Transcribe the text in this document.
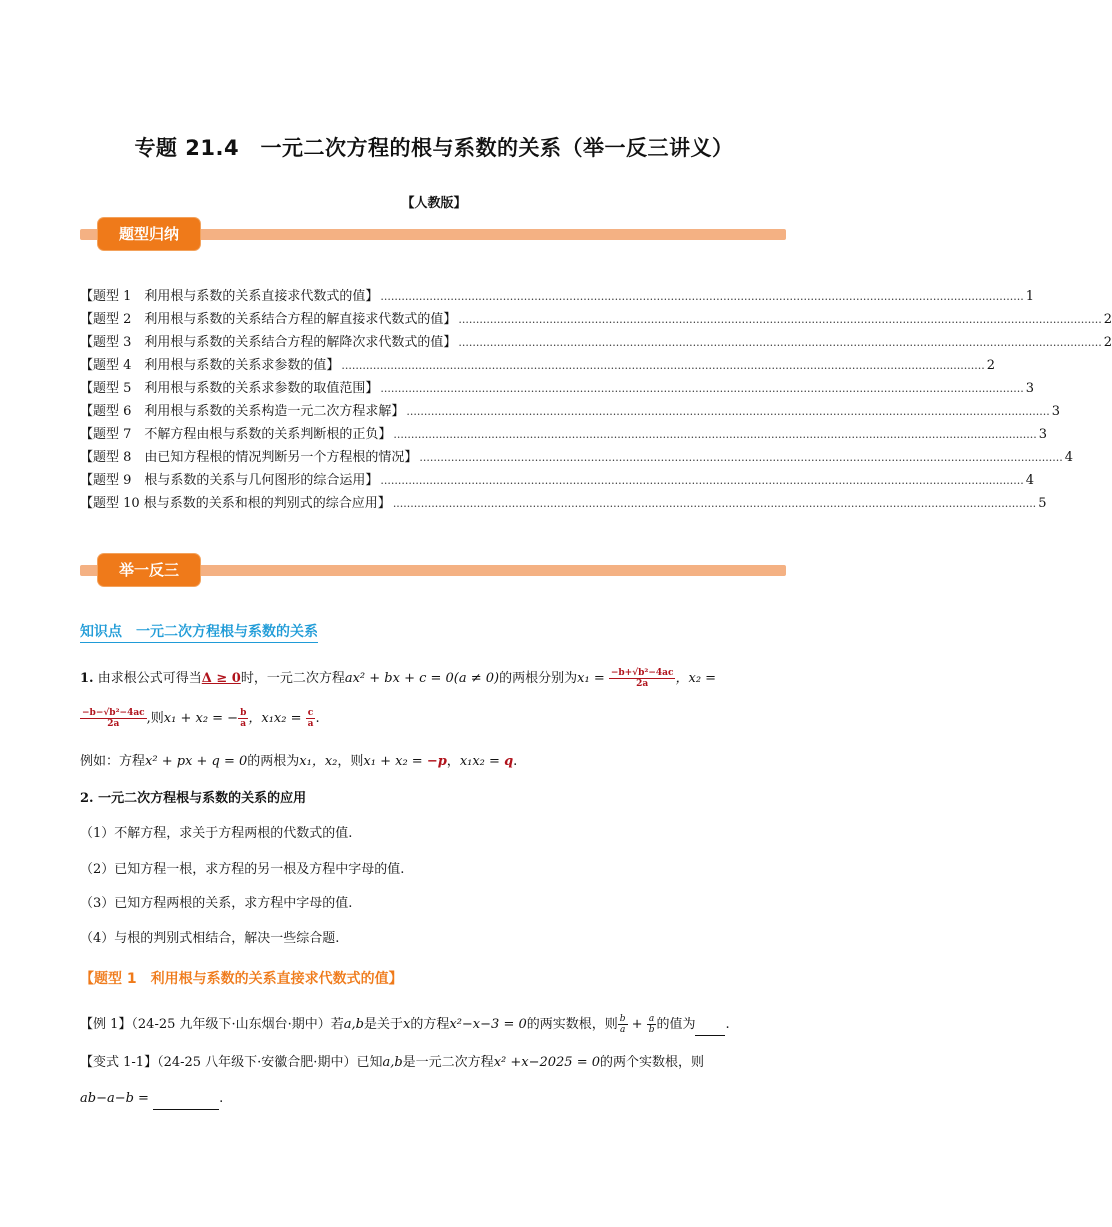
专题 21.4　一元二次方程的根与系数的关系（举一反三讲义）
【人教版】
题型归纳
【题型 1　利用根与系数的关系直接求代数式的值】 ........................................................................................................................................................................................ 1
【题型 2　利用根与系数的关系结合方程的解直接求代数式的值】 ........................................................................................................................................................................................ 2
【题型 3　利用根与系数的关系结合方程的解降次求代数式的值】 ........................................................................................................................................................................................ 2
【题型 4　利用根与系数的关系求参数的值】 ........................................................................................................................................................................................ 2
【题型 5　利用根与系数的关系求参数的取值范围】 ........................................................................................................................................................................................ 3
【题型 6　利用根与系数的关系构造一元二次方程求解】 ........................................................................................................................................................................................ 3
【题型 7　不解方程由根与系数的关系判断根的正负】 ........................................................................................................................................................................................ 3
【题型 8　由已知方程根的情况判断另一个方程根的情况】 ........................................................................................................................................................................................ 4
【题型 9　根与系数的关系与几何图形的综合运用】 ........................................................................................................................................................................................ 4
【题型 10 根与系数的关系和根的判别式的综合应用】 ........................................................................................................................................................................................ 5
举一反三
知识点　一元二次方程根与系数的关系
1. 由求根公式可得当Δ ≥ 0时，一元二次方程ax² + bx + c = 0(a ≠ 0)的两根分别为$x_1 = \frac{\text{−b+√b²−4ac}}{2a}$ ，x₂ =
$\frac{\text{−b−√b²−4ac}}{2a}$ ,则x₁ + x₂ = − $\frac{b}{a}$ ，$x_1x_2 = \frac{c}{a}$ .
例如：方程x² + px + q = 0的两根为x₁，x₂，则x₁ + x₂ = −p，x₁x₂ = q.
2. 一元二次方程根与系数的关系的应用
（1）不解方程，求关于方程两根的代数式的值.
（2）已知方程一根，求方程的另一根及方程中字母的值.
（3）已知方程两根的关系，求方程中字母的值.
（4）与根的判别式相结合，解决一些综合题.
【题型 1　利用根与系数的关系直接求代数式的值】
【例 1】（24-25 九年级下·山东烟台·期中）若a,b是关于x的方程x²−x−3 = 0的两实数根，则 $\frac{b}{a} + \frac{a}{b}$ 的值为 .
【变式 1-1】（24-25 八年级下·安徽合肥·期中）已知a,b是一元二次方程x² +x−2025 = 0的两个实数根，则
ab−a−b =	.
